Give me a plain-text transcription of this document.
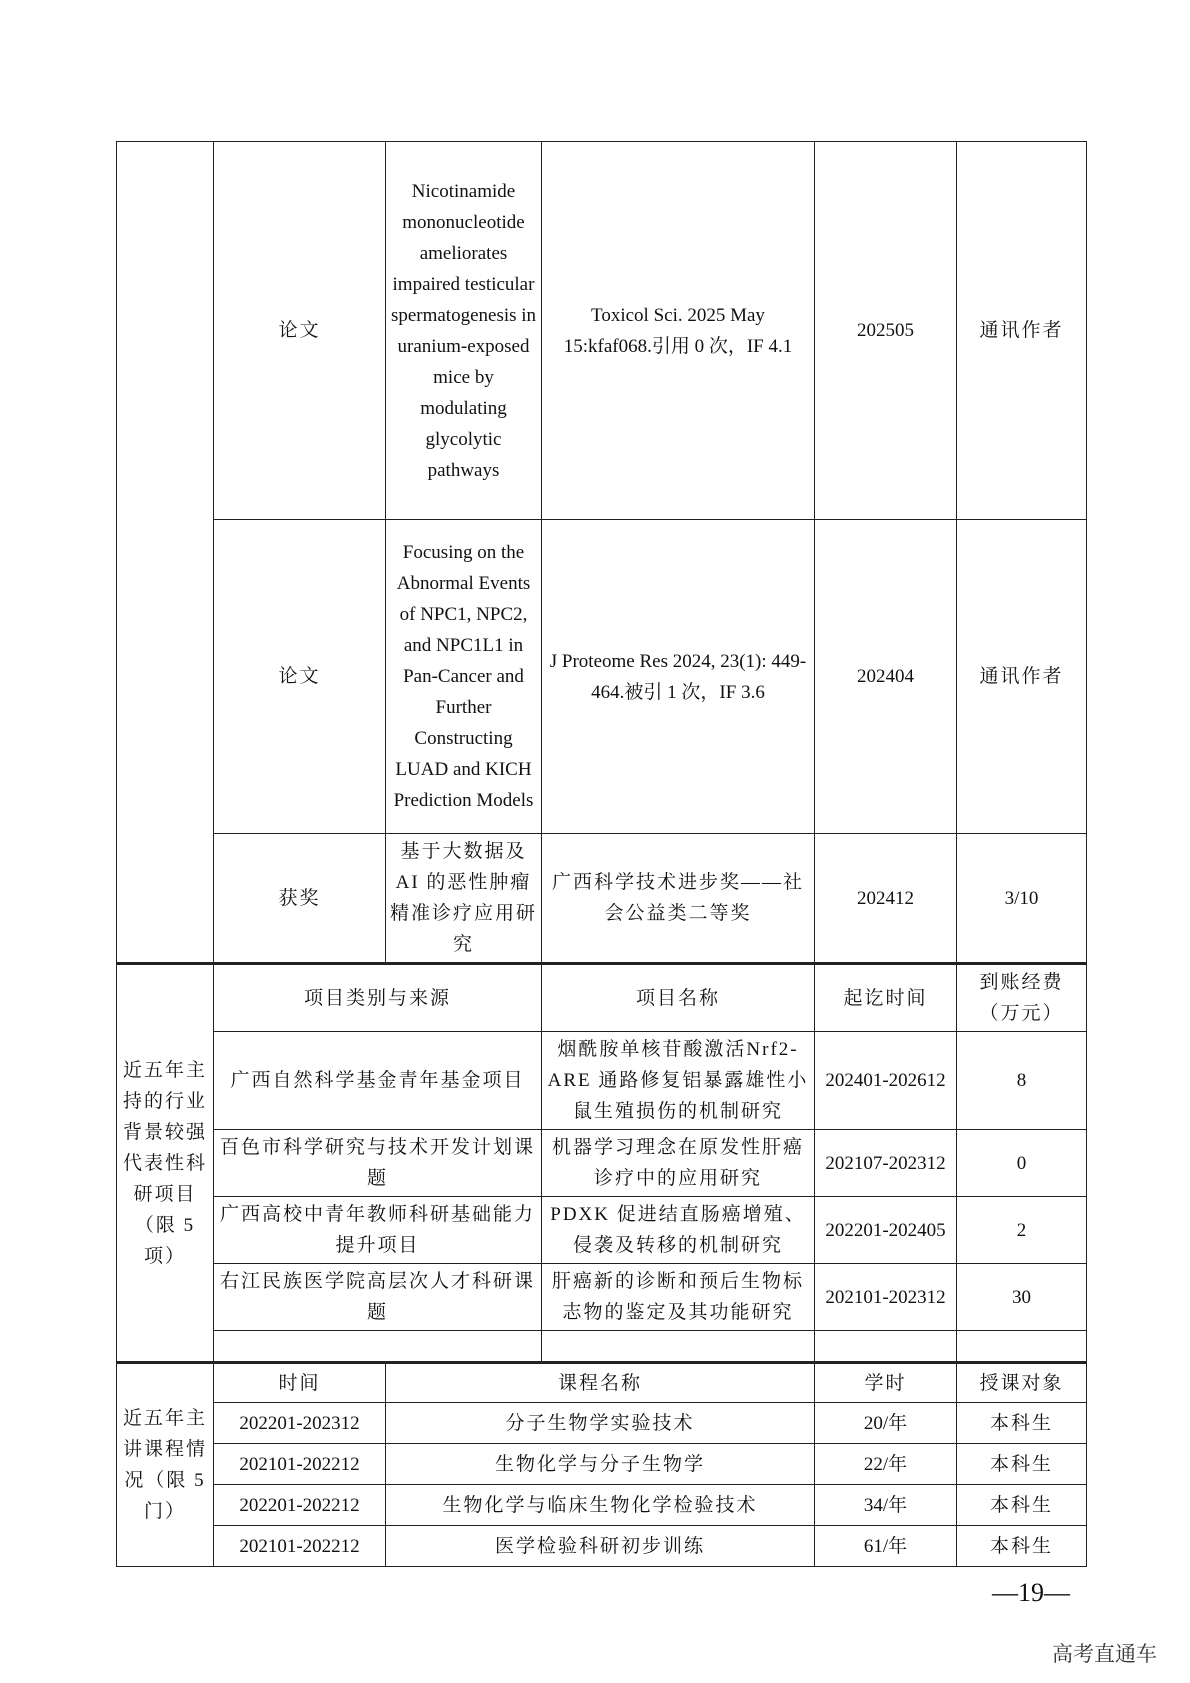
	论文	Nicotinamide mononucleotide ameliorates impaired testicular spermatogenesis in uranium-exposed mice by modulating glycolytic pathways	Toxicol Sci. 2025 May 15:kfaf068.引用 0 次，IF 4.1	202505	通讯作者
	论文	Focusing on the Abnormal Events of NPC1, NPC2, and NPC1L1 in Pan-Cancer and Further Constructing LUAD and KICH Prediction Models	J Proteome Res 2024, 23(1): 449-464.被引 1 次，IF 3.6	202404	通讯作者
	获奖	基于大数据及AI 的恶性肿瘤精准诊疗应用研究	广西科学技术进步奖——社会公益类二等奖	202412	3/10
近五年主持的行业背景较强代表性科研项目（限 5 项）	项目类别与来源		项目名称	起讫时间	到账经费（万元）
	广西自然科学基金青年基金项目		烟酰胺单核苷酸激活Nrf2-ARE 通路修复铝暴露雄性小鼠生殖损伤的机制研究	202401-202612	8
	百色市科学研究与技术开发计划课题		机器学习理念在原发性肝癌诊疗中的应用研究	202107-202312	0
	广西高校中青年教师科研基础能力提升项目		PDXK 促进结直肠癌增殖、侵袭及转移的机制研究	202201-202405	2
	右江民族医学院高层次人才科研课题		肝癌新的诊断和预后生物标志物的鉴定及其功能研究	202101-202312	30

近五年主讲课程情况（限 5 门）	时间	课程名称		学时	授课对象
	202201-202312	分子生物学实验技术		20/年	本科生
	202101-202212	生物化学与分子生物学		22/年	本科生
	202201-202212	生物化学与临床生物化学检验技术		34/年	本科生
	202101-202212	医学检验科研初步训练		61/年	本科生
—19—
高考直通车
